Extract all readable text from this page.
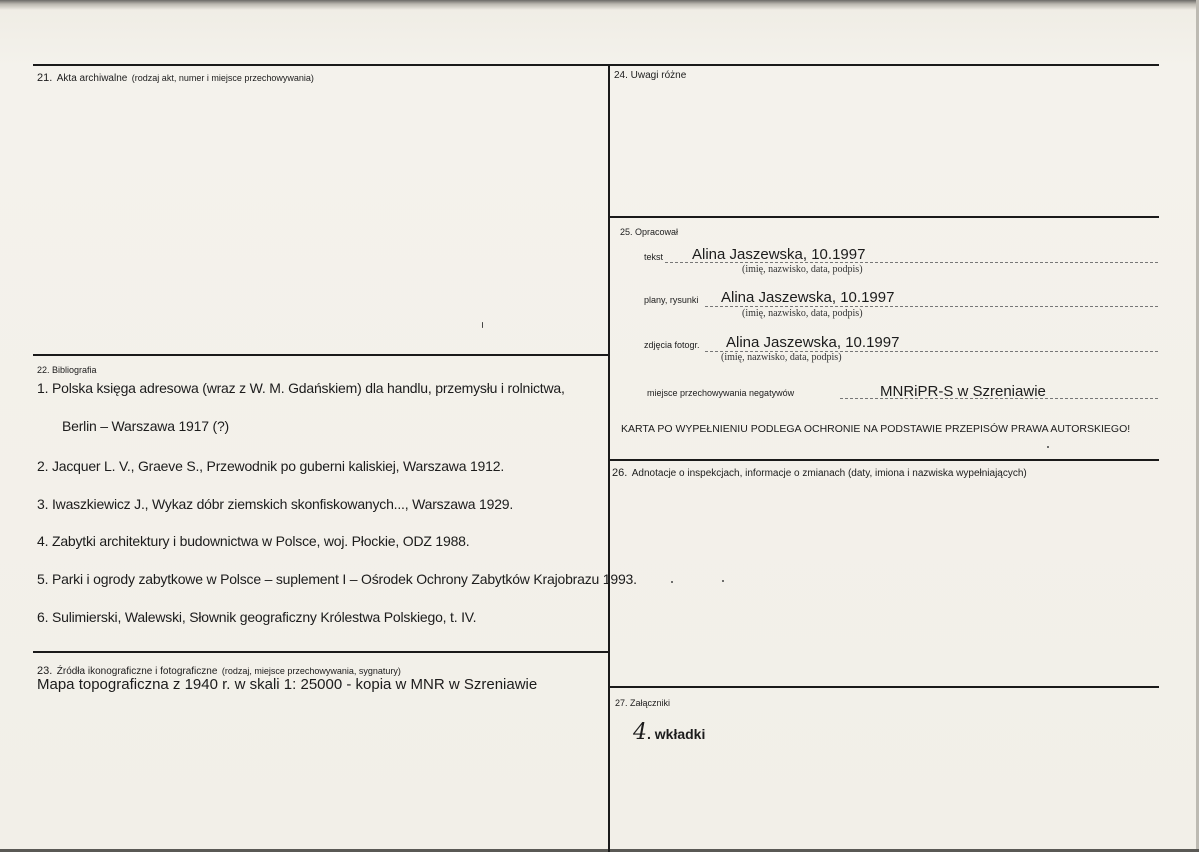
21. Akta archiwalne (rodzaj akt, numer i miejsce przechowywania)
22. Bibliografia
1. Polska księga adresowa (wraz z W. M. Gdańskiem) dla handlu, przemysłu i rolnictwa,
Berlin – Warszawa 1917 (?)
2. Jacquer L. V., Graeve S., Przewodnik po guberni kaliskiej, Warszawa 1912.
3. Iwaszkiewicz J., Wykaz dóbr ziemskich skonfiskowanych..., Warszawa 1929.
4. Zabytki architektury i budownictwa w Polsce, woj. Płockie, ODZ 1988.
5. Parki i ogrody zabytkowe w Polsce – suplement I – Ośrodek Ochrony Zabytków Krajobrazu 1993.
6. Sulimierski, Walewski, Słownik geograficzny Królestwa Polskiego, t. IV.
23. Źródła ikonograficzne i fotograficzne (rodzaj, miejsce przechowywania, sygnatury)
Mapa topograficzna z 1940 r. w skali 1: 25000 - kopia w MNR w Szreniawie
24. Uwagi różne
25. Opracował
tekst Alina Jaszewska, 10.1997
(imię, nazwisko, data, podpis)
plany, rysunki Alina Jaszewska, 10.1997
(imię, nazwisko, data, podpis)
zdjęcia fotogr. Alina Jaszewska, 10.1997
(imię, nazwisko, data, podpis)
miejsce przechowywania negatywów	MNRiPR-S w Szreniawie
KARTA PO WYPEŁNIENIU PODLEGA OCHRONIE NA PODSTAWIE PRZEPISÓW PRAWA AUTORSKIEGO!
26. Adnotacje o inspekcjach, informacje o zmianach (daty, imiona i nazwiska wypełniających)
27. Załączniki
4. wkładki
